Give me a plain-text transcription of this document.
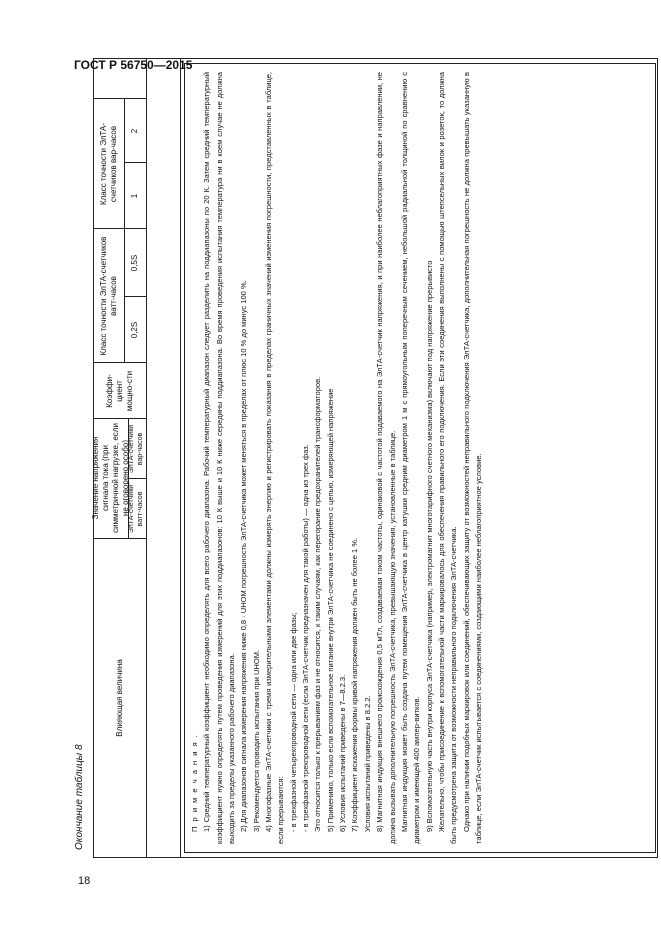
ГОСТ Р 56750—2015
Окончание таблицы 8
Влияющая величина
Значение напряжения сигнала тока (при симметричной нагрузке, если не оговорено особо)
ЭлТА-счетчики ватт-часов
ЭлТА-счетчики вар-часов
Коэффи-циент мощно-сти
Класс точности ЭлТА-счетчиков ватт-часов
0,2S
0,5S
Класс точности ЭлТА-счетчиков вар-часов	1
2

П р и м е ч а н и я . 1) Средний температурный коэффициент необходимо определять для всего рабочего диапазона. Рабочий температурный диапазон следует разделить на поддиапазоны по 20 К. Затем средний температурный коэффициент нужно определять путем проведения измерений для этих поддиапазонов: 10 К выше и 10 К ниже середины поддиапазона. Во время проведения испытания температура ни в коем случае не должна выходить за пределы указанного рабочего диапазона. 2) Для диапазонов сигнала измерения напряжения ниже 0,8 · UНОМ погрешность ЭлТА-счетчика может меняться в пределах от плюс 10 % до минус 100 %. 3) Рекомендуется проводить испытания при UНОМ. 4) Многофазные ЭлТА-счетчики с тремя измерительными элементами должны измерять энергию и регистрировать показания в пределах граничных значений изменения погрешности, представленных в таблице, если прерываются: - в трехфазной четырехпроводной сети — одна или две фазы; - в трехфазной трехпроводной сети (если ЭлТА-счетчик предназначен для такой работы) — одна из трех фаз. Это относится только к прерываниям фаз и не относится, к таким случаям, как перегорание предохранителей трансформаторов. 5) Применимо, только если вспомогательное питание внутри ЭлТА-счетчика не соединено с цепью, измеряющей напряжение 6) Условия испытаний приведены в 7—8.2.3. 7) Коэффициент искажения формы кривой напряжения должен быть не более 1 %. Условия испытаний приведены в 8.2.2. 8) Магнитная индукция внешнего происхождения 0,5 мТл, создаваемая током частоты, одинаковой с частотой подаваемого на ЭлТА-счетчик напряжения, и при наиболее неблагоприятных фазе и направлении, не должна вызывать дополнительную погрешность ЭлТА-счетчика, превышающую значения, установленные в таблице. Магнитная индукция может быть создана путем помещения ЭлТА-счетчика в центр катушки средним диаметром 1 м с прямоугольным поперечным сечением, небольшой радиальной толщиной по сравнению с диаметром и имеющей 400 ампер-витков. 9) Вспомогательную часть внутри корпуса ЭлТА-счетчика (например, электромагнит многотарифного счетного механизма) включают под напряжение прерывисто Желательно, чтобы присоединение к вспомогательной части маркировалось для обеспечения правильного его подключения. Если эти соединения выполнены с помощью штепсельных вилок и розеток, то должна быть предусмотрена защита от возможности неправильного подключения ЭлТА-счетчика. Однако при наличии подобных маркировок или соединений, обеспечивающих защиту от возможностей неправильного подключения ЭлТА-счетчика, дополнительная погрешность не должна превышать указанную в таблице, если ЭлТА-счетчик испытывается с соединениями, создающими наиболее неблагоприятное условие.

18
